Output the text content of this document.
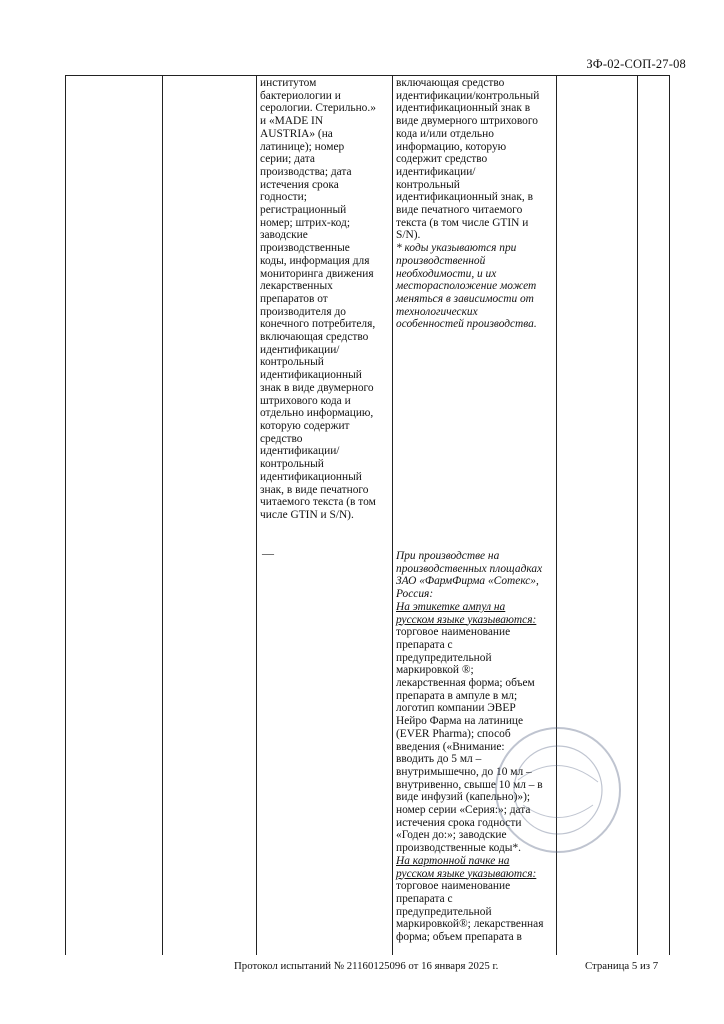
ЗФ-02-СОП-27-08

институтом
бактериологии и
серологии. Стерильно.»
и «MADE IN
AUSTRIA» (на
латинице); номер
серии; дата
производства; дата
истечения срока
годности;
регистрационный
номер; штрих-код;
заводские
производственные
коды, информация для
мониторинга движения
лекарственных
препаратов от
производителя до
конечного потребителя,
включающая средство
идентификации/
контрольный
идентификационный
знак в виде двумерного
штрихового кода и
отдельно информацию,
которую содержит
средство
идентификации/
контрольный
идентификационный
знак, в виде печатного
читаемого текста (в том
числе GTIN и S/N).

—

включающая средство
идентификации/контрольный
идентификационный знак в
виде двумерного штрихового
кода и/или отдельно
информацию, которую
содержит средство
идентификации/
контрольный
идентификационный знак, в
виде печатного читаемого
текста (в том числе GTIN и
S/N).
* коды указываются при
производственной
необходимости, и их
месторасположение может
меняться в зависимости от
технологических
особенностей производства.
При производстве на
производственных площадках
ЗАО «ФармФирма «Сотекс»,
Россия:
На этикетке ампул на
русском языке указываются:
торговое наименование
препарата с
предупредительной
маркировкой ®;
лекарственная форма; объем
препарата в ампуле в мл;
логотип компании ЭВЕР
Нейро Фарма на латинице
(EVER Pharma); способ
введения («Внимание:
вводить до 5 мл –
внутримышечно, до 10 мл –
внутривенно, свыше 10 мл – в
виде инфузий (капельно)»);
номер серии «Серия:»; дата
истечения срока годности
«Годен до:»; заводские
производственные коды*.
На картонной пачке на
русском языке указываются:
торговое наименование
препарата с
предупредительной
маркировкой®; лекарственная
форма; объем препарата в
Протокол испытаний № 21160125096 от 16 января 2025 г.	Страница 5 из 7
